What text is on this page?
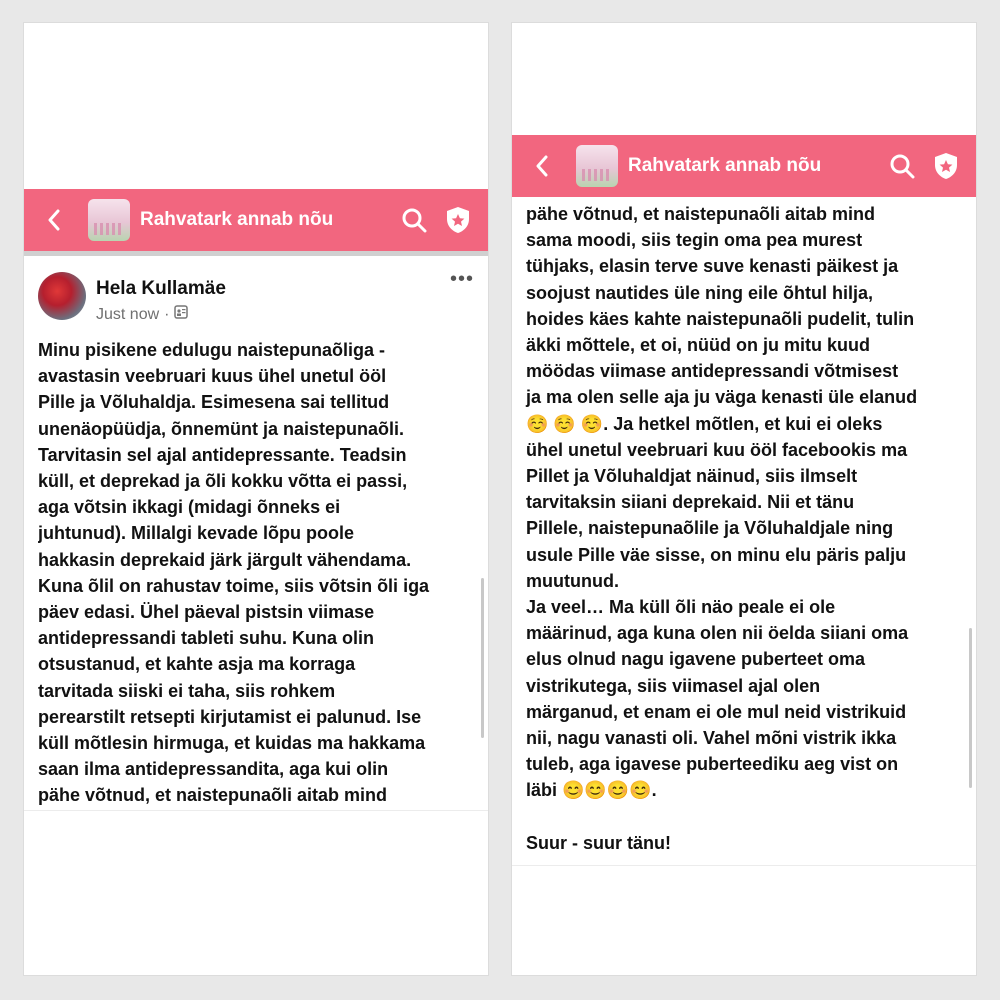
Rahvatark annab nõu
Hela Kullamäe
Just now ·
•••
Minu pisikene edulugu naistepunaõliga -
avastasin veebruari kuus ühel unetul ööl
Pille ja Võluhaldja. Esimesena sai tellitud
unenäopüüdja, õnnemünt ja naistepunaõli.
Tarvitasin sel ajal antidepressante. Teadsin
küll, et deprekad ja õli kokku võtta ei passi,
aga võtsin ikkagi (midagi õnneks ei
juhtunud). Millalgi kevade lõpu poole
hakkasin deprekaid järk järgult vähendama.
Kuna õlil on rahustav toime, siis võtsin õli iga
päev edasi. Ühel päeval pistsin viimase
antidepressandi tableti suhu. Kuna olin
otsustanud, et kahte asja ma korraga
tarvitada siiski ei taha, siis rohkem
perearstilt retsepti kirjutamist ei palunud. Ise
küll mõtlesin hirmuga, et kuidas ma hakkama
saan ilma antidepressandita, aga kui olin
pähe võtnud, et naistepunaõli aitab mind
Rahvatark annab nõu
pähe võtnud, et naistepunaõli aitab mind
sama moodi, siis tegin oma pea murest
tühjaks, elasin terve suve kenasti päikest ja
soojust nautides üle ning eile õhtul hilja,
hoides käes kahte naistepunaõli pudelit, tulin
äkki mõttele, et oi, nüüd on ju mitu kuud
möödas viimase antidepressandi võtmisest
ja ma olen selle aja ju väga kenasti üle elanud
☺️ ☺️ ☺️. Ja hetkel mõtlen, et kui ei oleks
ühel unetul veebruari kuu ööl facebookis ma
Pillet ja Võluhaldjat näinud, siis ilmselt
tarvitaksin siiani deprekaid. Nii et tänu
Pillele, naistepunaõlile ja Võluhaldjale ning
usule Pille väe sisse, on minu elu päris palju
muutunud.
Ja veel… Ma küll õli näo peale ei ole
määrinud, aga kuna olen nii öelda siiani oma
elus olnud nagu igavene puberteet oma
vistrikutega, siis viimasel ajal olen
märganud, et enam ei ole mul neid vistrikuid
nii, nagu vanasti oli. Vahel mõni vistrik ikka
tuleb, aga igavese puberteediku aeg vist on
läbi 😊😊😊😊.

Suur - suur tänu!
